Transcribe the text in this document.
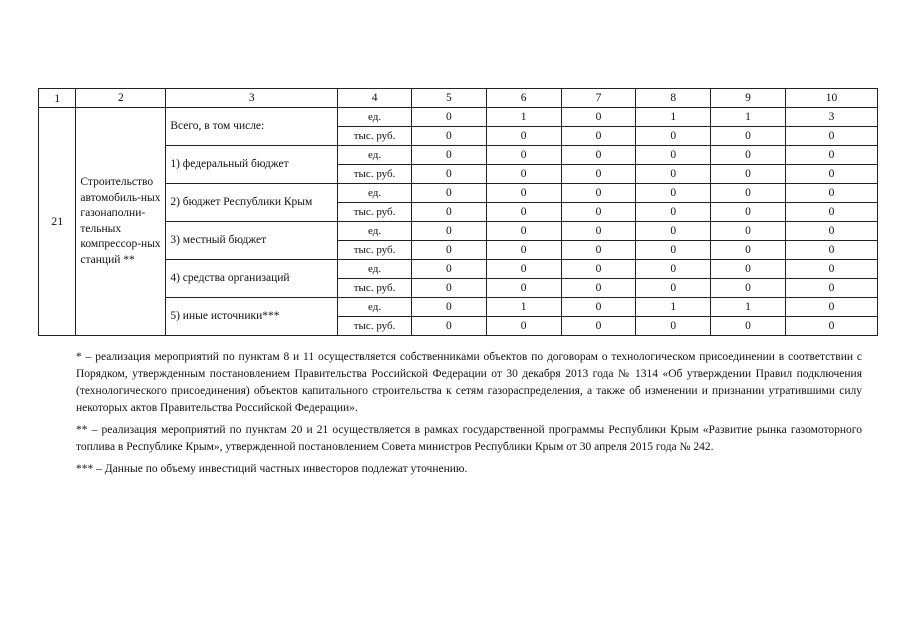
1	2	3	4	5	6	7	8	9	10
21	Строительство автомобиль-ных газонаполни-тельных компрессор-ных станций **	Всего, в том числе:	ед.	0	1	0	1	1	3
			тыс. руб.	0	0	0	0	0	0
		1) федеральный бюджет	ед.	0	0	0	0	0	0
			тыс. руб.	0	0	0	0	0	0
		2) бюджет Республики Крым	ед.	0	0	0	0	0	0
			тыс. руб.	0	0	0	0	0	0
		3) местный бюджет	ед.	0	0	0	0	0	0
			тыс. руб.	0	0	0	0	0	0
		4) средства организаций	ед.	0	0	0	0	0	0
			тыс. руб.	0	0	0	0	0	0
		5) иные источники***	ед.	0	1	0	1	1	0
			тыс. руб.	0	0	0	0	0	0

* – реализация мероприятий по пунктам 8 и 11 осуществляется собственниками объектов по договорам о технологическом присоединении в соответствии с Порядком, утвержденным постановлением Правительства Российской Федерации от 30 декабря 2013 года № 1314 «Об утверждении Правил подключения (технологического присоединения) объектов капитального строительства к сетям газораспределения, а также об изменении и признании утратившими силу некоторых актов Правительства Российской Федерации».

** – реализация мероприятий по пунктам 20 и 21 осуществляется в рамках государственной программы Республики Крым «Развитие рынка газомоторного топлива в Республике Крым», утвержденной постановлением Совета министров Республики Крым от 30 апреля 2015 года № 242.

*** – Данные по объему инвестиций частных инвесторов подлежат уточнению.
